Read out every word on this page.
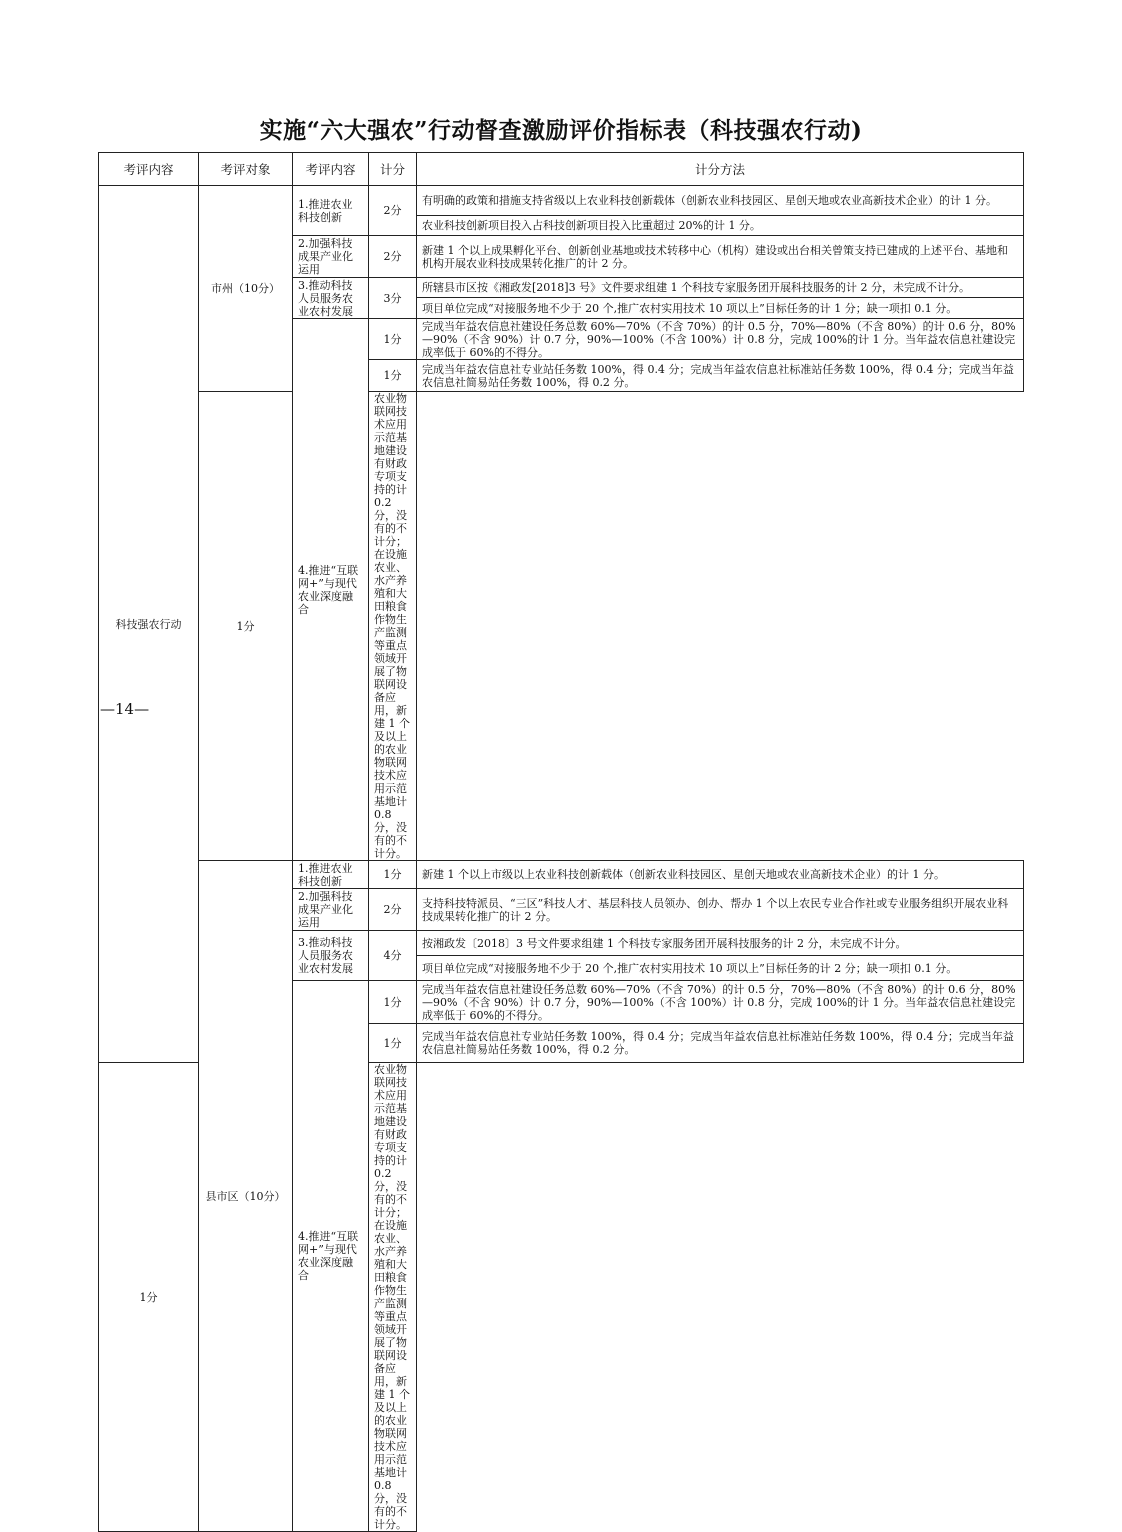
实施“六大强农”行动督查激励评价指标表（科技强农行动)
考评内容	考评对象	考评内容	计分	计分方法
科技强农行动	市州（10分）	1.推进农业科技创新	2分	有明确的政策和措施支持省级以上农业科技创新载体（创新农业科技园区、星创天地或农业高新技术企业）的计 1 分。
				农业科技创新项目投入占科技创新项目投入比重超过 20%的计 1 分。
		2.加强科技成果产业化运用	2分	新建 1 个以上成果孵化平台、创新创业基地或技术转移中心（机构）建设或出台相关曾策支持已建成的上述平台、基地和机构开展农业科技成果转化推广的计 2 分。
		3.推动科技人员服务农业农村发展	3分	所辖县市区按《湘政发[2018]3 号》文件要求组建 1 个科技专家服务团开展科技服务的计 2 分，未完成不计分。
				项目单位完成“对接服务地不少于 20 个,推广农村实用技术 10 项以上”目标任务的计 1 分；缺一项扣 0.1 分。
		4.推进“互联网+”与现代农业深度融合	1分	完成当年益农信息社建设任务总数 60%—70%（不含 70%）的计 0.5 分，70%—80%（不含 80%）的计 0.6 分，80%—90%（不含 90%）计 0.7 分，90%—100%（不含 100%）计 0.8 分，完成 100%的计 1 分。当年益农信息社建设完成率低于 60%的不得分。
			1分	完成当年益农信息社专业站任务数 100%，得 0.4 分；完成当年益农信息社标准站任务数 100%，得 0.4 分；完成当年益农信息社简易站任务数 100%，得 0.2 分。
	1分		农业物联网技术应用示范基地建设有财政专项支持的计 0.2 分，没有的不计分；在设施农业、水产养殖和大田粮食作物生产监测等重点领域开展了物联网设备应用，新建 1 个及以上的农业物联网技术应用示范基地计 0.8 分，没有的不计分。	
	县市区（10分）	1.推进农业科技创新	1分	新建 1 个以上市级以上农业科技创新载体（创新农业科技园区、星创天地或农业高新技术企业）的计 1 分。
		2.加强科技成果产业化运用	2分	支持科技特派员、“三区”科技人才、基层科技人员领办、创办、帮办 1 个以上农民专业合作社或专业服务组织开展农业科技成果转化推广的计 2 分。
		3.推动科技人员服务农业农村发展	4分	按湘政发〔2018〕3 号文件要求组建 1 个科技专家服务团开展科技服务的计 2 分，未完成不计分。
				项目单位完成“对接服务地不少于 20 个,推广农村实用技术 10 项以上”目标任务的计 2 分；缺一项扣 0.1 分。
		4.推进“互联网+”与现代农业深度融合	1分	完成当年益农信息社建设任务总数 60%—70%（不含 70%）的计 0.5 分，70%—80%（不含 80%）的计 0.6 分，80%—90%（不含 90%）计 0.7 分，90%—100%（不含 100%）计 0.8 分，完成 100%的计 1 分。当年益农信息社建设完成率低于 60%的不得分。
			1分	完成当年益农信息社专业站任务数 100%，得 0.4 分；完成当年益农信息社标准站任务数 100%，得 0.4 分；完成当年益农信息社简易站任务数 100%，得 0.2 分。
1分			农业物联网技术应用示范基地建设有财政专项支持的计 0.2 分，没有的不计分；在设施农业、水产养殖和大田粮食作物生产监测等重点领域开展了物联网设备应用，新建 1 个及以上的农业物联网技术应用示范基地计 0.8 分，没有的不计分。	
—14—
